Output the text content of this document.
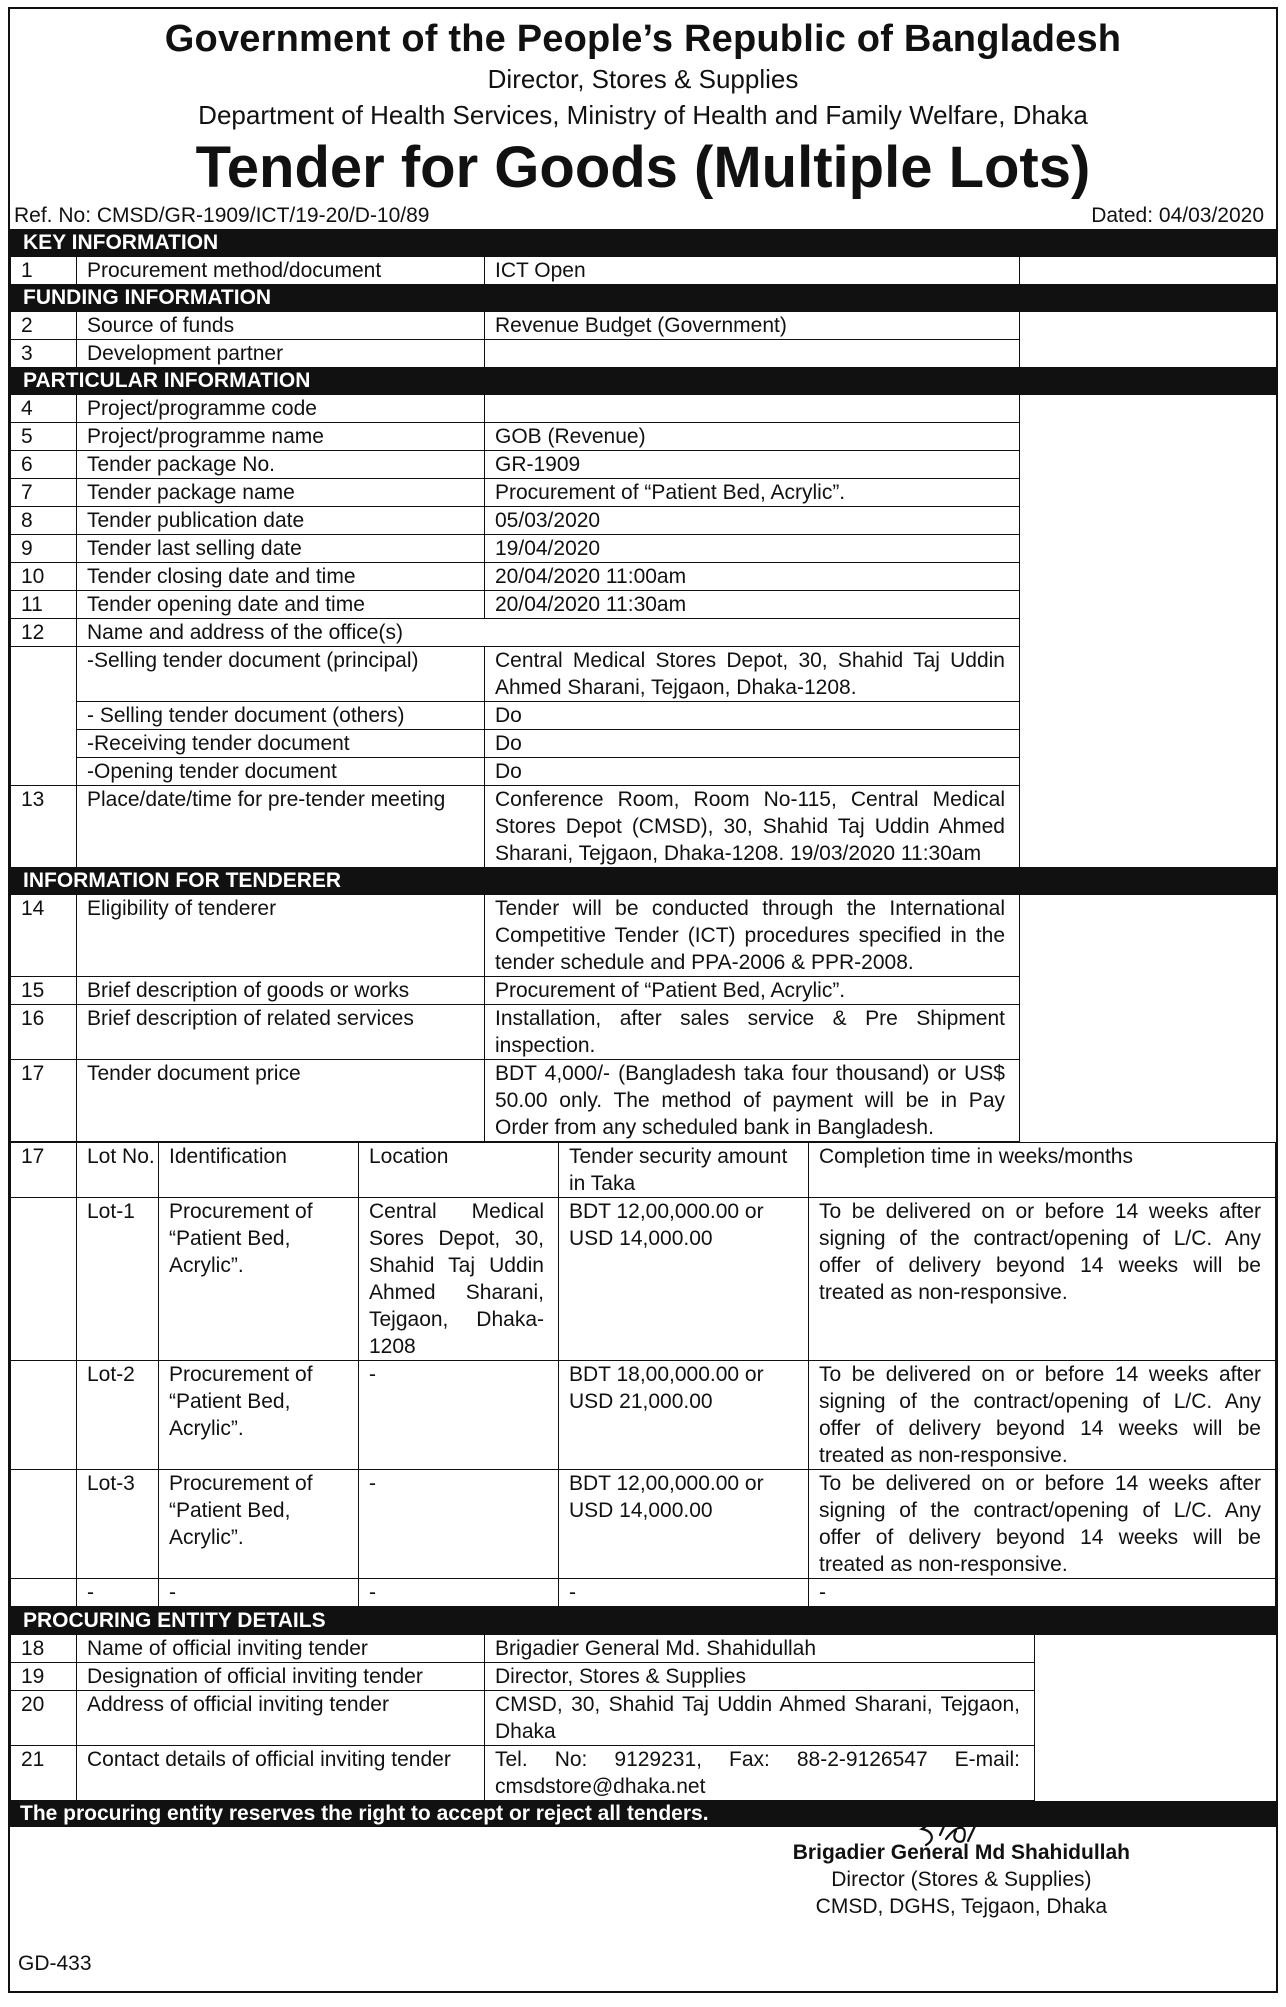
Government of the People’s Republic of Bangladesh
Director, Stores & Supplies
Department of Health Services, Ministry of Health and Family Welfare, Dhaka
Tender for Goods (Multiple Lots)
Ref. No: CMSD/GR-1909/ICT/19-20/D-10/89	Dated: 04/03/2020
KEY INFORMATION			
1	Procurement method/document	ICT Open	
FUNDING INFORMATION			
2	Source of funds	Revenue Budget (Government)	
3	Development partner		
PARTICULAR INFORMATION			
4	Project/programme code		
5	Project/programme name	GOB (Revenue)	
6	Tender package No.	GR-1909	
7	Tender package name	Procurement of “Patient Bed, Acrylic”.	
8	Tender publication date	05/03/2020	
9	Tender last selling date	19/04/2020	
10	Tender closing date and time	20/04/2020 11:00am	
11	Tender opening date and time	20/04/2020 11:30am	
12	Name and address of the office(s)		
	-Selling tender document (principal)	Central Medical Stores Depot, 30, Shahid Taj Uddin Ahmed Sharani, Tejgaon, Dhaka-1208.	
	- Selling tender document (others)	Do	
	-Receiving tender document	Do	
	-Opening tender document	Do	
13	Place/date/time for pre-tender meeting	Conference Room, Room No-115, Central Medical Stores Depot (CMSD), 30, Shahid Taj Uddin Ahmed Sharani, Tejgaon, Dhaka-1208. 19/03/2020 11:30am	
INFORMATION FOR TENDERER			
14	Eligibility of tenderer	Tender will be conducted through the International Competitive Tender (ICT) procedures specified in the tender schedule and PPA-2006 & PPR-2008.	
15	Brief description of goods or works	Procurement of “Patient Bed, Acrylic”.	
16	Brief description of related services	Installation, after sales service & Pre Shipment inspection.	
17	Tender document price	BDT 4,000/- (Bangladesh taka four thousand) or US$ 50.00 only. The method of payment will be in Pay Order from any scheduled bank in Bangladesh.	
17	Lot No.	Identification	Location	Tender security amount in Taka	Completion time in weeks/months
	Lot-1	Procurement of “Patient Bed, Acrylic”.	Central Medical Sores Depot, 30, Shahid Taj Uddin Ahmed Sharani, Tejgaon, Dhaka-1208	BDT 12,00,000.00 or USD 14,000.00	To be delivered on or before 14 weeks after signing of the contract/opening of L/C. Any offer of delivery beyond 14 weeks will be treated as non-responsive.
	Lot-2	Procurement of “Patient Bed, Acrylic”.	-	BDT 18,00,000.00 or USD 21,000.00	To be delivered on or before 14 weeks after signing of the contract/opening of L/C. Any offer of delivery beyond 14 weeks will be treated as non-responsive.
	Lot-3	Procurement of “Patient Bed, Acrylic”.	-	BDT 12,00,000.00 or USD 14,000.00	To be delivered on or before 14 weeks after signing of the contract/opening of L/C. Any offer of delivery beyond 14 weeks will be treated as non-responsive.
	-	-	-	-	-
PROCURING ENTITY DETAILS			
18	Name of official inviting tender	Brigadier General Md. Shahidullah	
19	Designation of official inviting tender	Director, Stores & Supplies	
20	Address of official inviting tender	CMSD, 30, Shahid Taj Uddin Ahmed Sharani, Tejgaon, Dhaka	
21	Contact details of official inviting tender	Tel. No: 9129231, Fax: 88-2-9126547 E-mail: cmsdstore@dhaka.net	
The procuring entity reserves the right to accept or reject all tenders.
Brigadier General Md Shahidullah
Director (Stores & Supplies)
CMSD, DGHS, Tejgaon, Dhaka
GD-433
